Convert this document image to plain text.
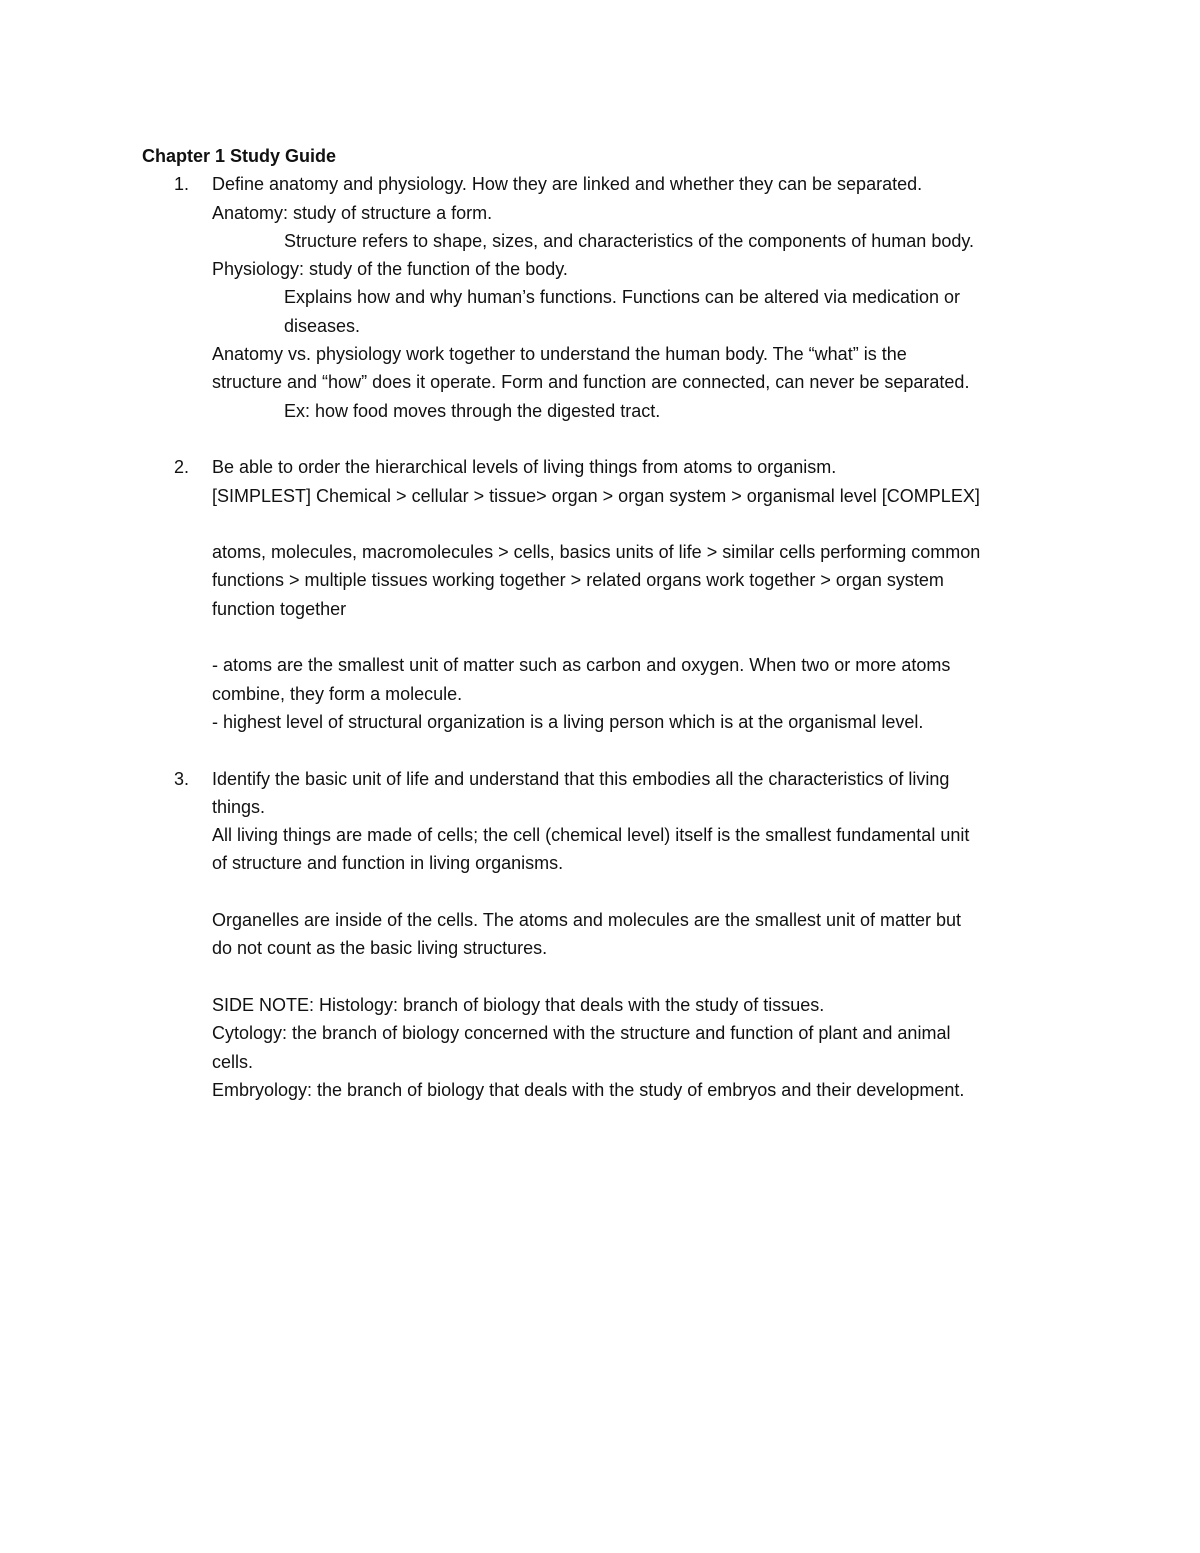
Chapter 1 Study Guide
1. Define anatomy and physiology. How they are linked and whether they can be separated.
Anatomy: study of structure a form.
Structure refers to shape, sizes, and characteristics of the components of human body.
Physiology: study of the function of the body.
Explains how and why human’s functions. Functions can be altered via medication or
diseases.
Anatomy vs. physiology work together to understand the human body. The “what” is the
structure and “how” does it operate. Form and function are connected, can never be separated.
Ex: how food moves through the digested tract.
2. Be able to order the hierarchical levels of living things from atoms to organism.
[SIMPLEST] Chemical > cellular > tissue> organ > organ system > organismal level [COMPLEX]
atoms, molecules, macromolecules > cells, basics units of life > similar cells performing common
functions > multiple tissues working together > related organs work together > organ system
function together
- atoms are the smallest unit of matter such as carbon and oxygen. When two or more atoms
combine, they form a molecule.
- highest level of structural organization is a living person which is at the organismal level.
3. Identify the basic unit of life and understand that this embodies all the characteristics of living
things.
All living things are made of cells; the cell (chemical level) itself is the smallest fundamental unit
of structure and function in living organisms.
Organelles are inside of the cells. The atoms and molecules are the smallest unit of matter but
do not count as the basic living structures.
SIDE NOTE: Histology: branch of biology that deals with the study of tissues.
Cytology: the branch of biology concerned with the structure and function of plant and animal
cells.
Embryology: the branch of biology that deals with the study of embryos and their development.
